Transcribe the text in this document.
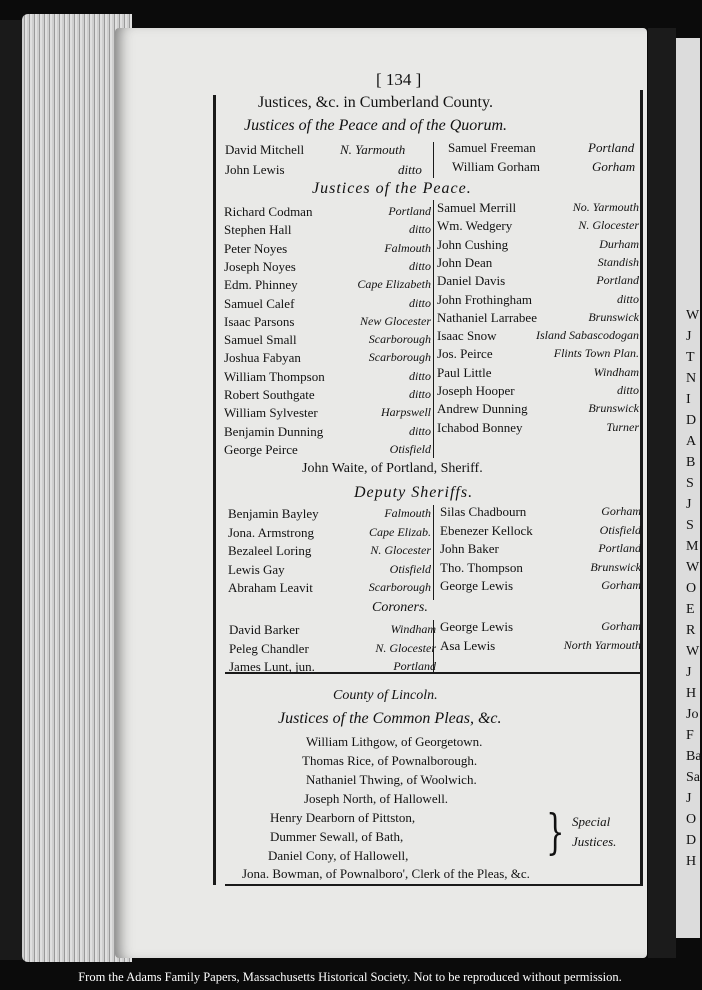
W
J
T
N
I
D
A
B
S
J
S
M
W
O
E
R
W
J
H
Jo
F
Ba
Sa
J
O
D
H
[ 134 ]
Justices, &c. in Cumberland County.
Justices of the Peace and of the Quorum.
David Mitchell	N. Yarmouth
John Lewis	ditto
Samuel Freeman	Portland
William Gorham	Gorham
Justices of the Peace.
John Waite, of Portland, Sheriff.
Deputy Sheriffs.
Coroners.
County of Lincoln.
Justices of the Common Pleas, &c.
William Lithgow, of Georgetown.
Thomas Rice, of Pownalborough.
Nathaniel Thwing, of Woolwich.
Joseph North, of Hallowell.
Henry Dearborn of Pittston,
Dummer Sewall, of Bath,
Daniel Cony, of Hallowell,	} Special
Justices.
Jona. Bowman, of Pownalboro', Clerk of the Pleas, &c.
From the Adams Family Papers, Massachusetts Historical Society. Not to be reproduced without permission.
Richard Codman	Portland
Stephen Hall	ditto
Peter Noyes	Falmouth
Joseph Noyes	ditto
Edm. Phinney	Cape Elizabeth
Samuel Calef	ditto
Isaac Parsons	New Glocester
Samuel Small	Scarborough
Joshua Fabyan	Scarborough
William Thompson	ditto
Robert Southgate	ditto
William Sylvester	Harpswell
Benjamin Dunning	ditto
George Peirce	Otisfield
Samuel Merrill	No. Yarmouth
Wm. Wedgery	N. Glocester
John Cushing	Durham
John Dean	Standish
Daniel Davis	Portland
John Frothingham	ditto
Nathaniel Larrabee	Brunswick
Isaac Snow	Island Sabascodogan
Jos. Peirce	Flints Town Plan.
Paul Little	Windham
Joseph Hooper	ditto
Andrew Dunning	Brunswick
Ichabod Bonney	Turner
Benjamin Bayley	Falmouth
Jona. Armstrong	Cape Elizab.
Bezaleel Loring	N. Glocester
Lewis Gay	Otisfield
Abraham Leavit	Scarborough
Silas Chadbourn	Gorham
Ebenezer Kellock	Otisfield
John Baker	Portland
Tho. Thompson	Brunswick
George Lewis	Gorham
David Barker	Windham
Peleg Chandler	N. Glocester
James Lunt, jun.	Portland
George Lewis	Gorham
Asa Lewis	North Yarmouth
